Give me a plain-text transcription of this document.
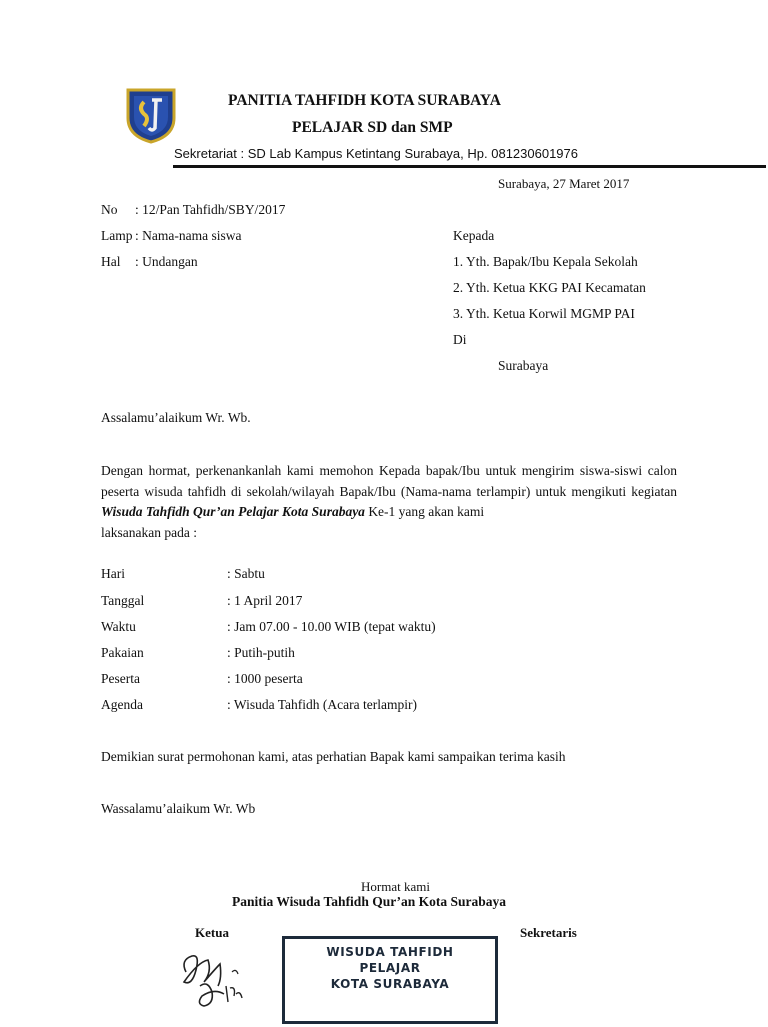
PANITIA TAHFIDH KOTA SURABAYA
PELAJAR SD dan SMP
Sekretariat : SD Lab Kampus Ketintang Surabaya, Hp. 081230601976
Surabaya, 27 Maret 2017
No : 12/Pan Tahfidh/SBY/2017
Lamp : Nama-nama siswa
Hal : Undangan
Kepada
1. Yth. Bapak/Ibu Kepala Sekolah
2. Yth. Ketua KKG PAI Kecamatan
3. Yth. Ketua Korwil MGMP PAI
Di
Surabaya
Assalamu’alaikum Wr. Wb.
Dengan hormat, perkenankanlah kami memohon Kepada bapak/Ibu untuk mengirim siswa-siswi calon peserta wisuda tahfidh di sekolah/wilayah Bapak/Ibu (Nama-nama terlampir) untuk mengikuti kegiatan Wisuda Tahfidh Qur’an Pelajar Kota Surabaya Ke-1 yang akan kami
laksanakan pada :
Hari	: Sabtu
Tanggal	: 1 April 2017
Waktu	: Jam 07.00 - 10.00 WIB (tepat waktu)
Pakaian	: Putih-putih
Peserta	: 1000 peserta
Agenda	: Wisuda Tahfidh (Acara terlampir)
Demikian surat permohonan kami, atas perhatian Bapak kami sampaikan terima kasih
Wassalamu’alaikum Wr. Wb
Hormat kami
Panitia Wisuda Tahfidh Qur’an Kota Surabaya
Ketua	Sekretaris
WISUDA TAHFIDH
PELAJAR
KOTA SURABAYA
